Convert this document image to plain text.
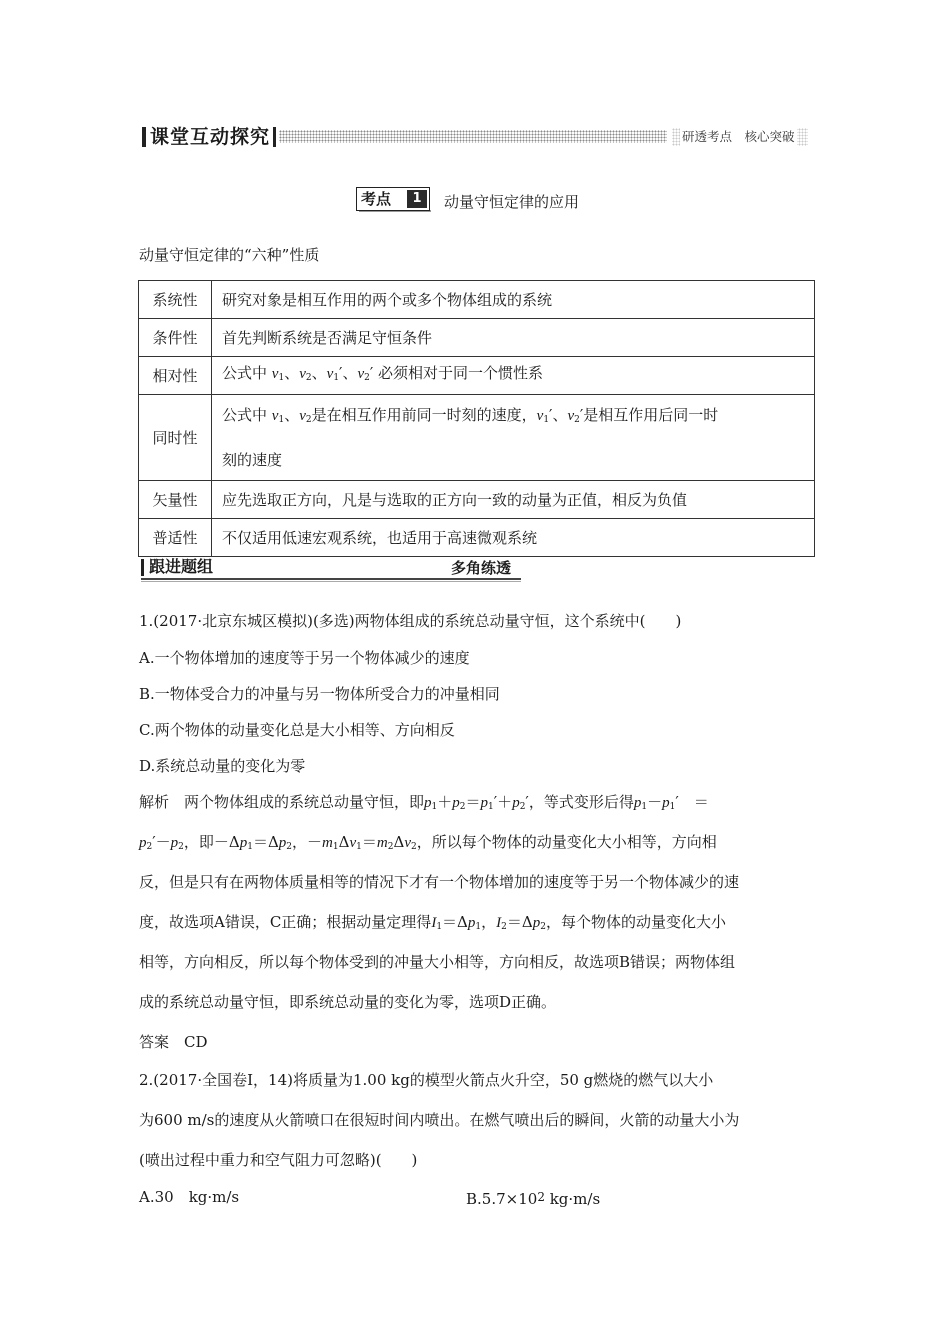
课堂互动探究	研透考点　核心突破
考点	1	动量守恒定律的应用
动量守恒定律的“六种”性质
系统性	研究对象是相互作用的两个或多个物体组成的系统
条件性	首先判断系统是否满足守恒条件
相对性	公式中 $v_1$、$v_2$、$v_1'$、$v_2'$ 必须相对于同一个惯性系
同时性	公式中 $v_1$、$v_2$是在相互作用前同一时刻的速度，$v_1'$、$v_2'$是相互作用后同一时
刻的速度
矢量性	应先选取正方向，凡是与选取的正方向一致的动量为正值，相反为负值
普适性	不仅适用低速宏观系统，也适用于高速微观系统
跟进题组	多角练透
1.(2017·北京东城区模拟)(多选)两物体组成的系统总动量守恒，这个系统中(　　)
A.一个物体增加的速度等于另一个物体减少的速度
B.一物体受合力的冲量与另一物体所受合力的冲量相同
C.两个物体的动量变化总是大小相等、方向相反
D.系统总动量的变化为零
解析　 两个物体组成的系统总动量守恒，即$p_1+p_2=p_1'+p_2'$，等式变形后得$p_1-p_1'$　＝
$p_2'-p_2$，即$-\Delta p_1=\Delta p_2$，$-m_1\Delta v_1=m_2\Delta v_2$，所以每个物体的动量变化大小相等，方向相
反，但是只有在两物体质量相等的情况下才有一个物体增加的速度等于另一个物体减少的速
度，故选项A错误，C正确；根据动量定理得$I_1=\Delta p_1$，$I_2=\Delta p_2$，每个物体的动量变化大小
相等，方向相反，所以每个物体受到的冲量大小相等，方向相反，故选项B错误；两物体组
成的系统总动量守恒，即系统总动量的变化为零，选项D正确。
答案　 CD
2.(2017·全国卷Ⅰ，14)将质量为1.00 kg的模型火箭点火升空，50 g燃烧的燃气以大小
为600 m/s的速度从火箭喷口在很短时间内喷出。在燃气喷出后的瞬间，火箭的动量大小为
(喷出过程中重力和空气阻力可忽略)(　　)
A.30　kg·m/s	$B.5.7\times 10^2$ kg·m/s
